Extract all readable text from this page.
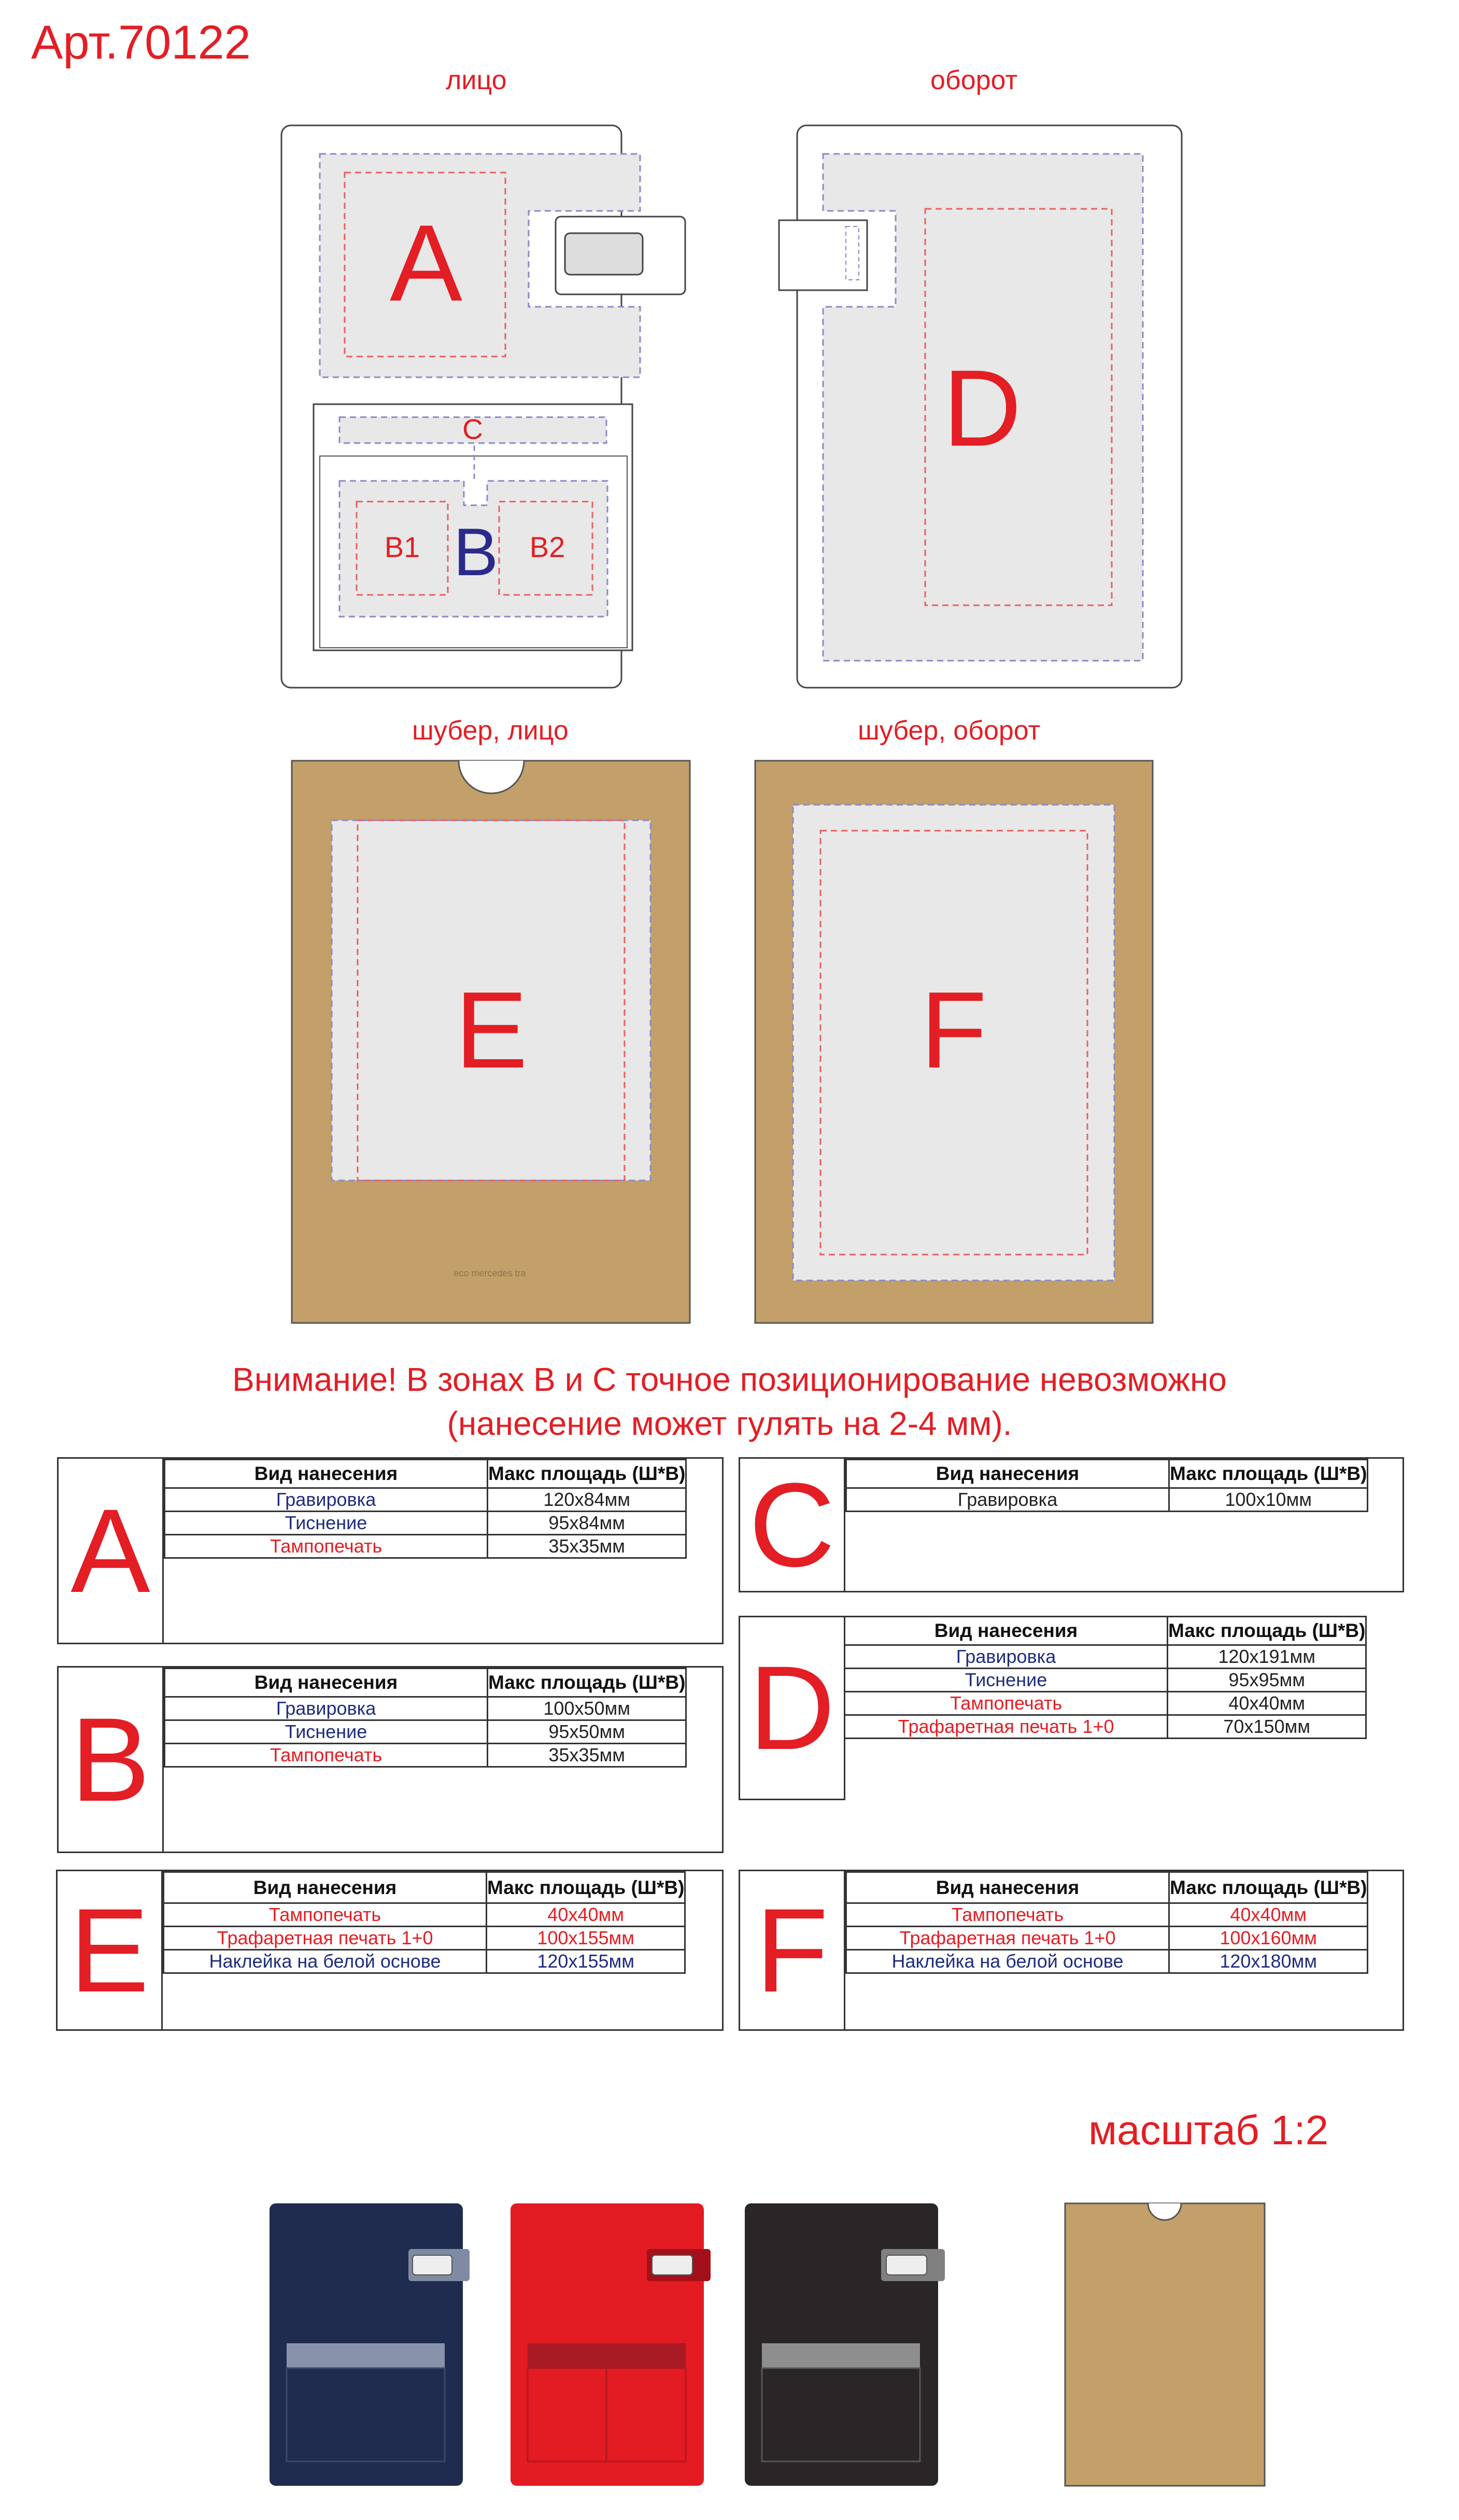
Арт.70122
лицо	оборот
шубер, лицо	шубер, оборот
A
C
B1 B B2
D
E
eco mercedes tra
F
Внимание! В зонах B и C точное позиционирование невозможно
(нанесение может гулять на 2-4 мм).
A
Вид нанесения	Макс площадь (Ш*В)
Гравировка	120x84мм
Тиснение	95x84мм
Тампопечать	35x35мм
B
Вид нанесения	Макс площадь (Ш*В)
Гравировка	100x50мм
Тиснение	95x50мм
Тампопечать	35x35мм
E	Вид нанесения	Макс площадь (Ш*В)
Тампопечать	40x40мм
Трафаретная печать 1+0	100x155мм
Наклейка на белой основе	120x155мм
C	Вид нанесения	Макс площадь (Ш*В)
Гравировка	100x10мм
D
Вид нанесения	Макс площадь (Ш*В)
Гравировка	120x191мм
Тиснение	95x95мм
Тампопечать	40x40мм
Трафаретная печать 1+0	70x150мм
F	Вид нанесения	Макс площадь (Ш*В)
Тампопечать	40x40мм
Трафаретная печать 1+0	100x160мм
Наклейка на белой основе	120x180мм
масштаб 1:2
